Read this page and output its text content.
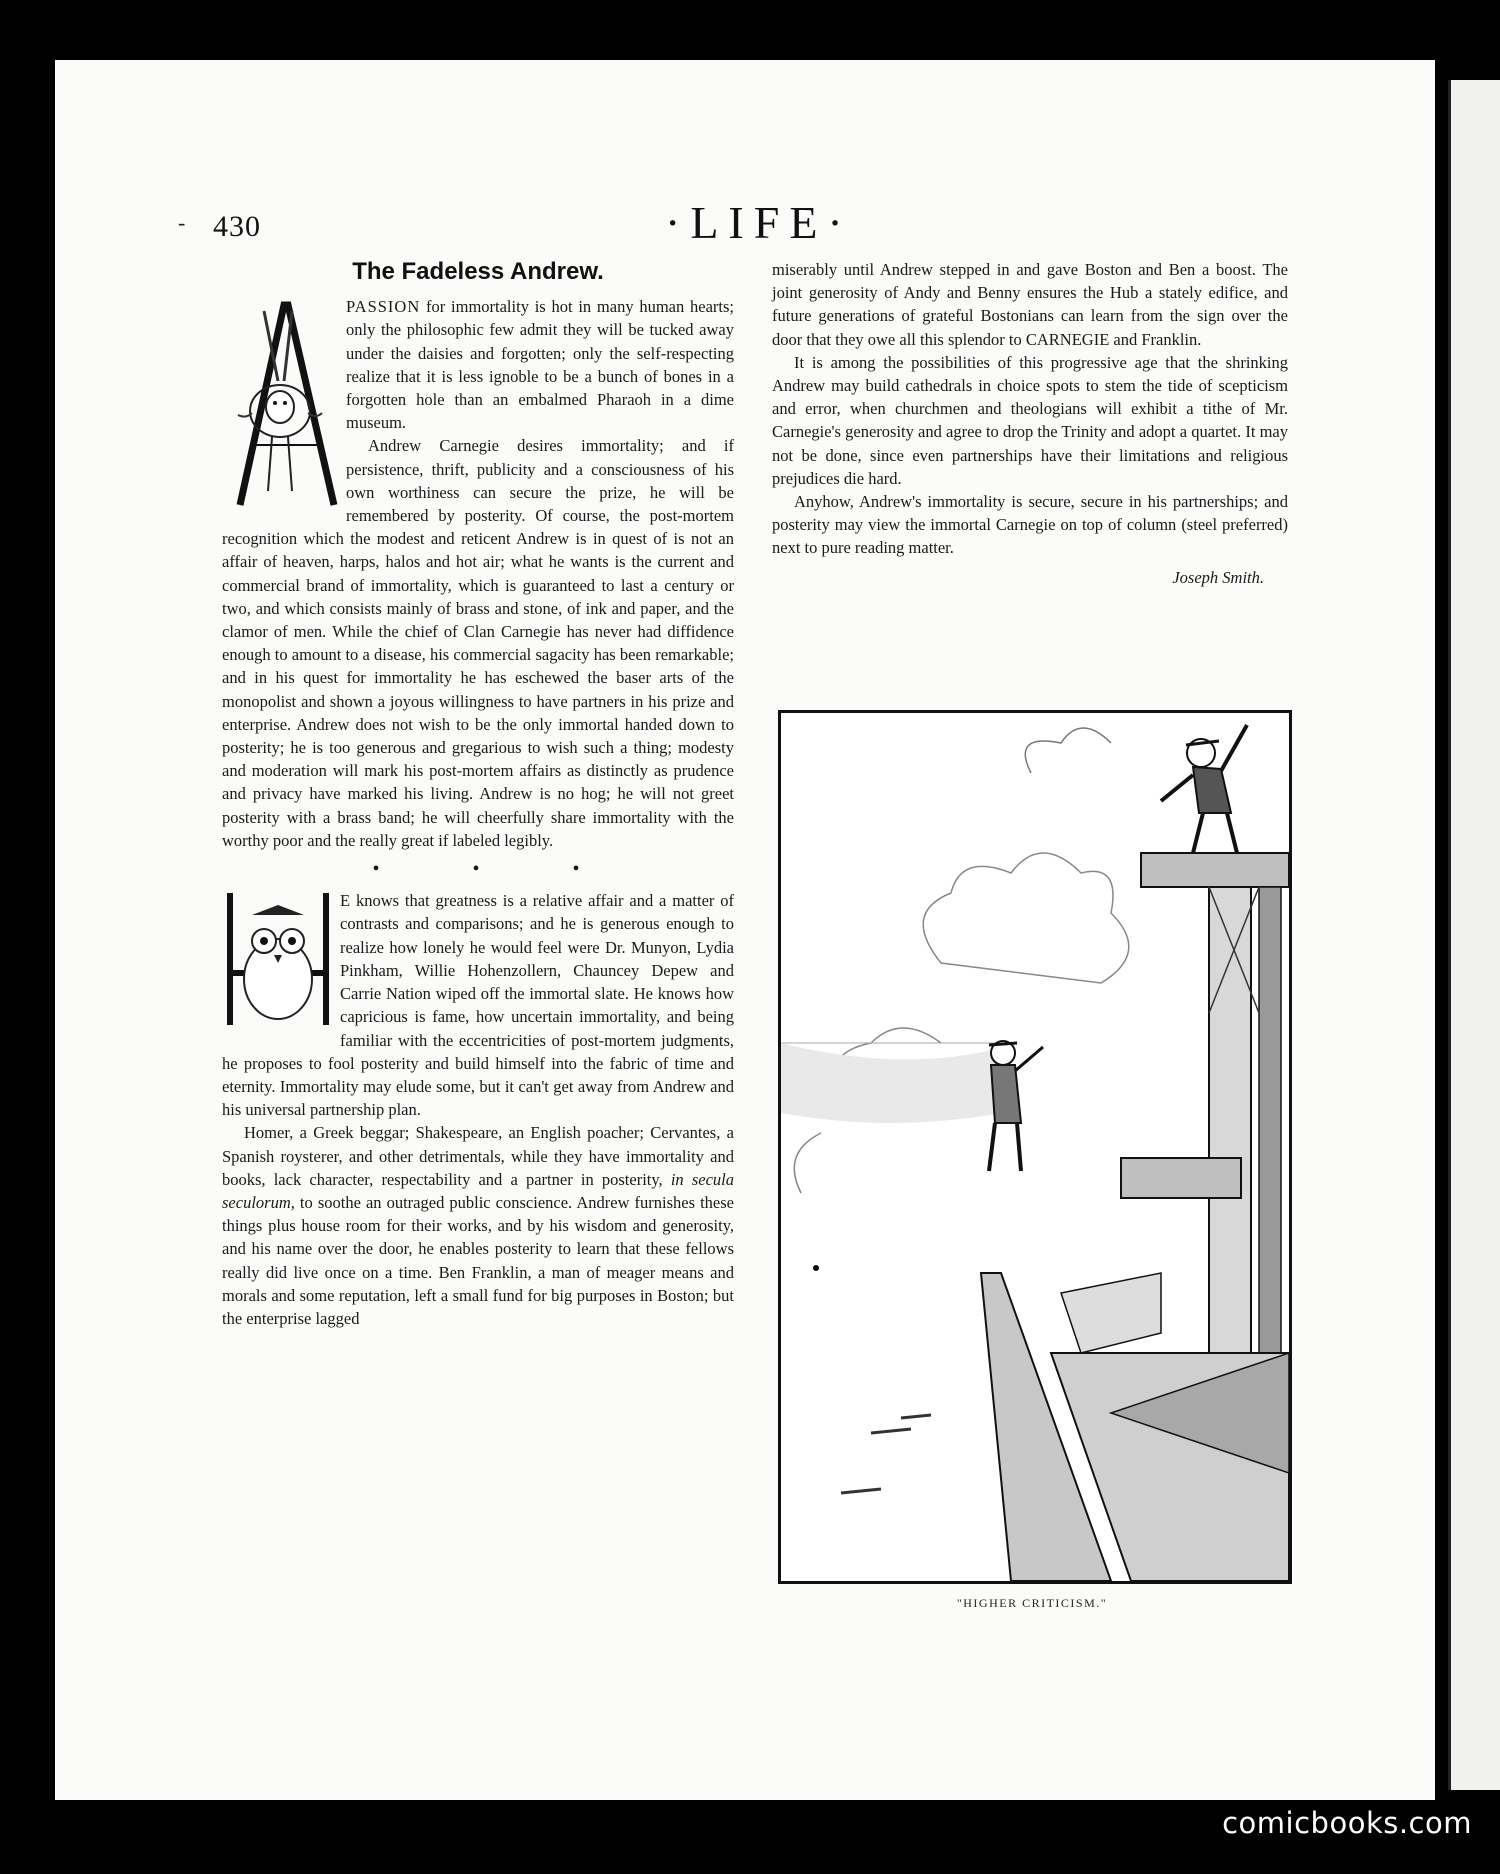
- 430	·LIFE·
The Fadeless Andrew.

PASSION for immortality is hot in many human hearts; only the philosophic few admit they will be tucked away under the daisies and forgotten; only the self-respecting realize that it is less ignoble to be a bunch of bones in a forgotten hole than an embalmed Pharaoh in a dime museum.

Andrew Carnegie desires immortality; and if persistence, thrift, publicity and a consciousness of his own worthiness can secure the prize, he will be remembered by posterity. Of course, the post-mortem recognition which the modest and reticent Andrew is in quest of is not an affair of heaven, harps, halos and hot air; what he wants is the current and commercial brand of immortality, which is guaranteed to last a century or two, and which consists mainly of brass and stone, of ink and paper, and the clamor of men. While the chief of Clan Carnegie has never had diffidence enough to amount to a disease, his commercial sagacity has been remarkable; and in his quest for immortality he has eschewed the baser arts of the monopolist and shown a joyous willingness to have partners in his prize and enterprise. Andrew does not wish to be the only immortal handed down to posterity; he is too generous and gregarious to wish such a thing; modesty and moderation will mark his post-mortem affairs as distinctly as prudence and privacy have marked his living. Andrew is no hog; he will not greet posterity with a brass band; he will cheerfully share immortality with the worthy poor and the really great if labeled legibly.

• • •

E knows that greatness is a relative affair and a matter of contrasts and comparisons; and he is generous enough to realize how lonely he would feel were Dr. Munyon, Lydia Pinkham, Willie Hohenzollern, Chauncey Depew and Carrie Nation wiped off the immortal slate. He knows how capricious is fame, how uncertain immortality, and being familiar with the eccentricities of post-mortem judgments, he proposes to fool posterity and build himself into the fabric of time and eternity. Immortality may elude some, but it can't get away from Andrew and his universal partnership plan.

Homer, a Greek beggar; Shakespeare, an English poacher; Cervantes, a Spanish roysterer, and other detrimentals, while they have immortality and books, lack character, respectability and a partner in posterity, in secula seculorum, to soothe an outraged public conscience. Andrew furnishes these things plus house room for their works, and by his wisdom and generosity, and his name over the door, he enables posterity to learn that these fellows really did live once on a time. Ben Franklin, a man of meager means and morals and some reputation, left a small fund for big purposes in Boston; but the enterprise lagged

miserably until Andrew stepped in and gave Boston and Ben a boost. The joint generosity of Andy and Benny ensures the Hub a stately edifice, and future generations of grateful Bostonians can learn from the sign over the door that they owe all this splendor to CARNEGIE and Franklin.

It is among the possibilities of this progressive age that the shrinking Andrew may build cathedrals in choice spots to stem the tide of scepticism and error, when churchmen and theologians will exhibit a tithe of Mr. Carnegie's generosity and agree to drop the Trinity and adopt a quartet. It may not be done, since even partnerships have their limitations and religious prejudices die hard.

Anyhow, Andrew's immortality is secure, secure in his partnerships; and posterity may view the immortal Carnegie on top of column (steel preferred) next to pure reading matter.

Joseph Smith.
"HIGHER CRITICISM."
comicbooks.com
